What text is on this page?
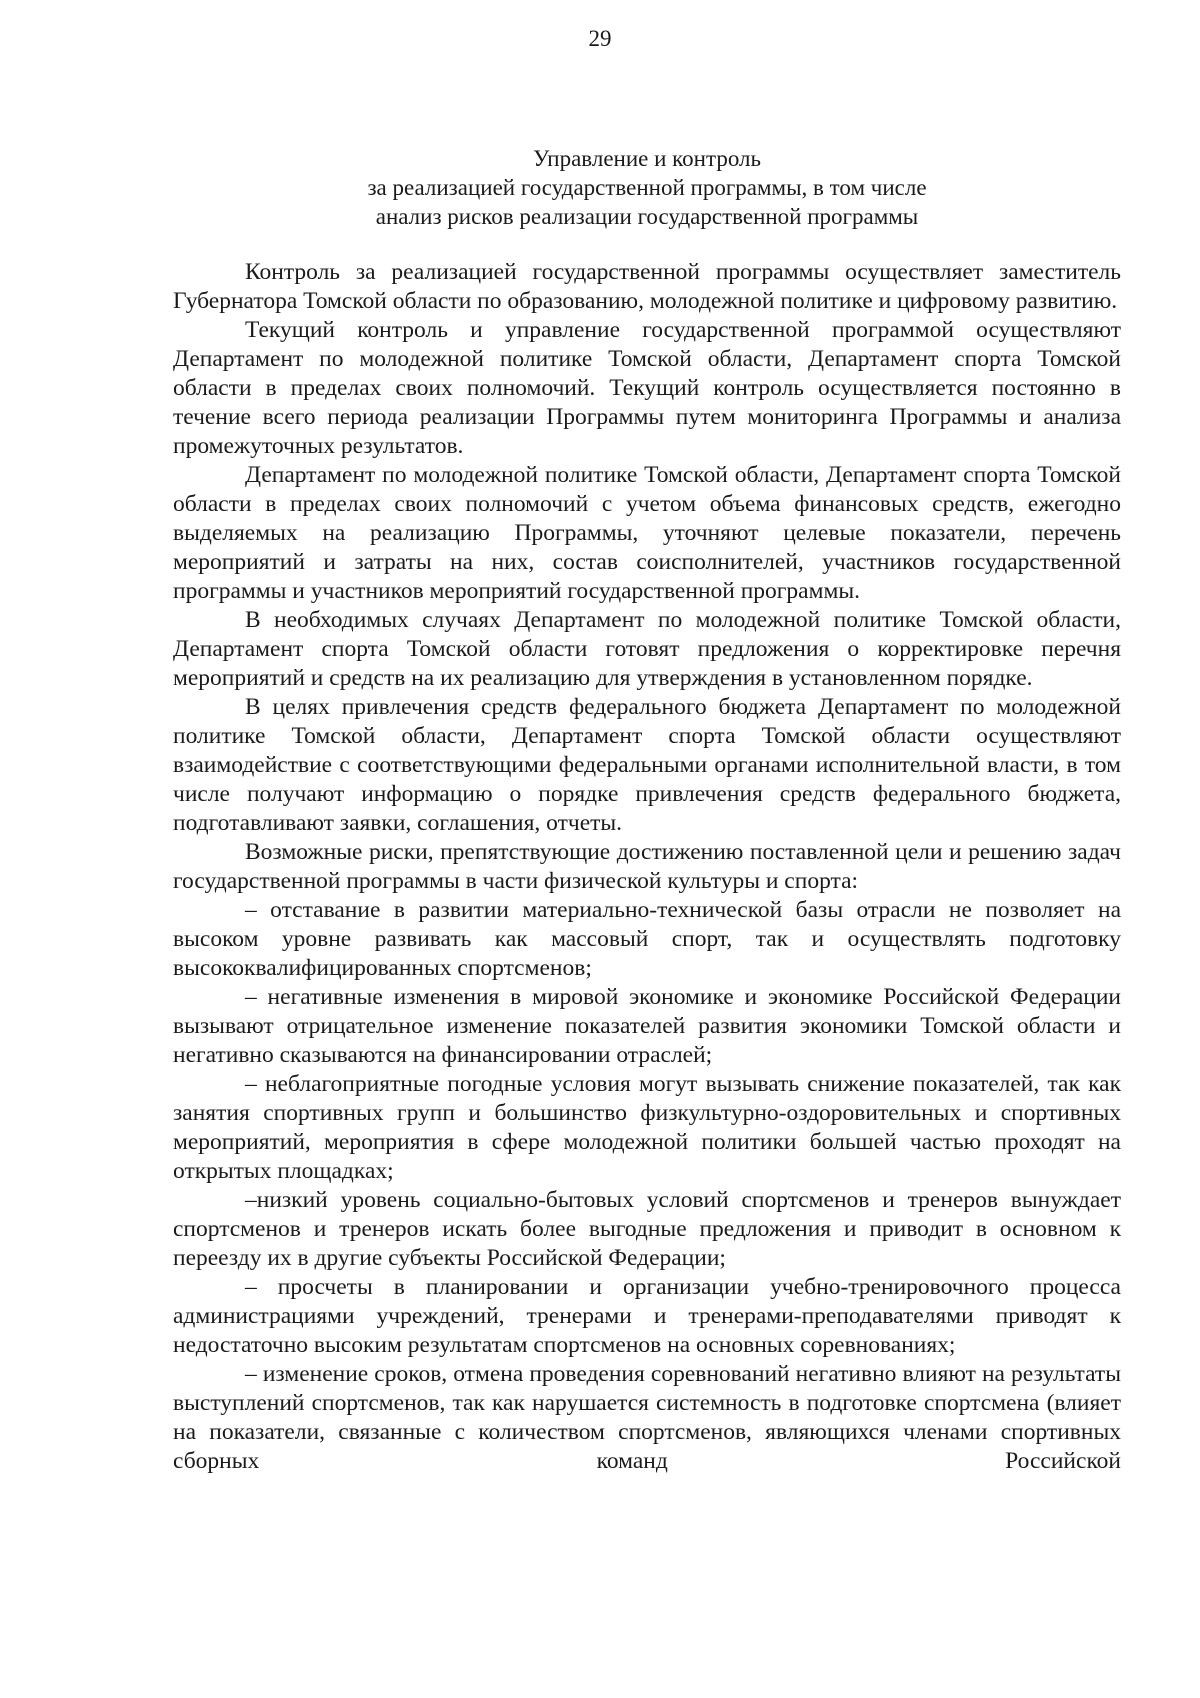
29
Управление и контроль
за реализацией государственной программы, в том числе
анализ рисков реализации государственной программы

Контроль за реализацией государственной программы осуществляет заместитель Губернатора Томской области по образованию, молодежной политике и цифровому развитию.

Текущий контроль и управление государственной программой осуществляют Департамент по молодежной политике Томской области, Департамент спорта Томской области в пределах своих полномочий. Текущий контроль осуществляется постоянно в течение всего периода реализации Программы путем мониторинга Программы и анализа промежуточных результатов.

Департамент по молодежной политике Томской области, Департамент спорта Томской области в пределах своих полномочий с учетом объема финансовых средств, ежегодно выделяемых на реализацию Программы, уточняют целевые показатели, перечень мероприятий и затраты на них, состав соисполнителей, участников государственной программы и участников мероприятий государственной программы.

В необходимых случаях Департамент по молодежной политике Томской области, Департамент спорта Томской области готовят предложения о корректировке перечня мероприятий и средств на их реализацию для утверждения в установленном порядке.

В целях привлечения средств федерального бюджета Департамент по молодежной политике Томской области, Департамент спорта Томской области осуществляют взаимодействие с соответствующими федеральными органами исполнительной власти, в том числе получают информацию о порядке привлечения средств федерального бюджета, подготавливают заявки, соглашения, отчеты.

Возможные риски, препятствующие достижению поставленной цели и решению задач государственной программы в части физической культуры и спорта:

– отставание в развитии материально-технической базы отрасли не позволяет на высоком уровне развивать как массовый спорт, так и осуществлять подготовку высококвалифицированных спортсменов;

– негативные изменения в мировой экономике и экономике Российской Федерации вызывают отрицательное изменение показателей развития экономики Томской области и негативно сказываются на финансировании отраслей;

– неблагоприятные погодные условия могут вызывать снижение показателей, так как занятия спортивных групп и большинство физкультурно-оздоровительных и спортивных мероприятий, мероприятия в сфере молодежной политики большей частью проходят на открытых площадках;

–низкий уровень социально-бытовых условий спортсменов и тренеров вынуждает спортсменов и тренеров искать более выгодные предложения и приводит в основном к переезду их в другие субъекты Российской Федерации;

– просчеты в планировании и организации учебно-тренировочного процесса администрациями учреждений, тренерами и тренерами-преподавателями приводят к недостаточно высоким результатам спортсменов на основных соревнованиях;

– изменение сроков, отмена проведения соревнований негативно влияют на результаты выступлений спортсменов, так как нарушается системность в подготовке спортсмена (влияет на показатели, связанные с количеством спортсменов, являющихся членами спортивных сборных команд Российской
